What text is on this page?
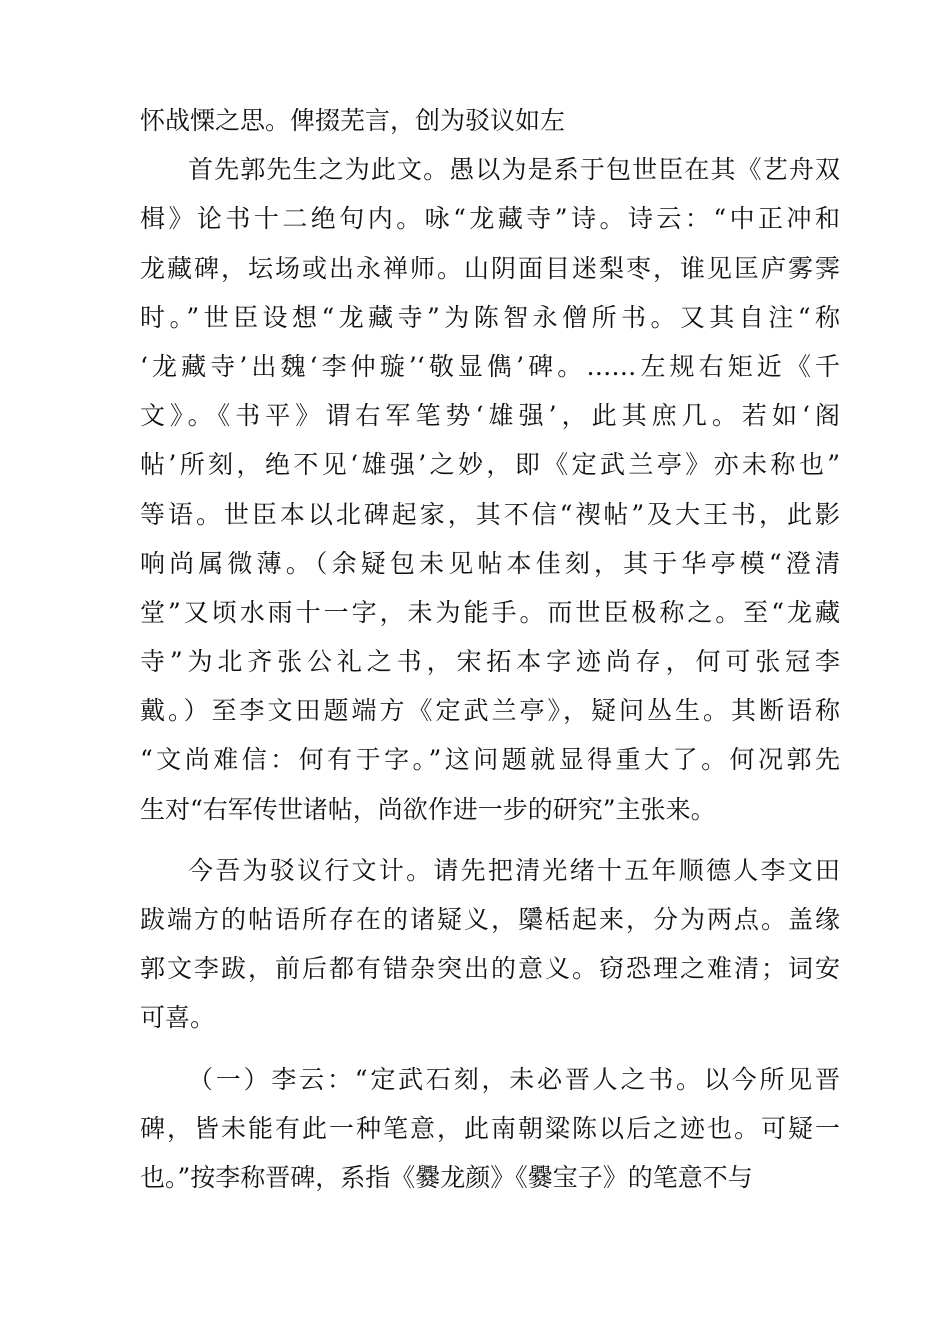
怀战慄之思。俾掇芜言，创为驳议如左
首先郭先生之为此文。愚以为是系于包世臣在其《艺舟双
楫》论书十二绝句内。咏“龙藏寺”诗。诗云：“中正冲和
龙藏碑，坛场或出永禅师。山阴面目迷梨枣，谁见匡庐雾霁
时。”世臣设想“龙藏寺”为陈智永僧所书。又其自注“称
‘龙藏寺’出魏‘李仲璇’‘敬显儁’碑。……左规右矩近《千
文》。《书平》谓右军笔势‘雄强’，此其庶几。若如‘阁
帖’所刻，绝不见‘雄强’之妙，即《定武兰亭》亦未称也”
等语。世臣本以北碑起家，其不信“禊帖”及大王书，此影
响尚属微薄。（余疑包未见帖本佳刻，其于华亭模“澄清
堂”又顷水雨十一字，未为能手。而世臣极称之。至“龙藏
寺”为北齐张公礼之书，宋拓本字迹尚存，何可张冠李
戴。）至李文田题端方《定武兰亭》，疑问丛生。其断语称
“文尚难信：何有于字。”这问题就显得重大了。何况郭先
生对“右军传世诸帖，尚欲作进一步的研究”主张来。
今吾为驳议行文计。请先把清光绪十五年顺德人李文田
跋端方的帖语所存在的诸疑义，櫽栝起来，分为两点。盖缘
郭文李跋，前后都有错杂突出的意义。窃恐理之难清；词安
可喜。
（一）李云：“定武石刻，未必晋人之书。以今所见晋
碑，皆未能有此一种笔意，此南朝粱陈以后之迹也。可疑一
也。”按李称晋碑，系指《爨龙颜》《爨宝子》的笔意不与
